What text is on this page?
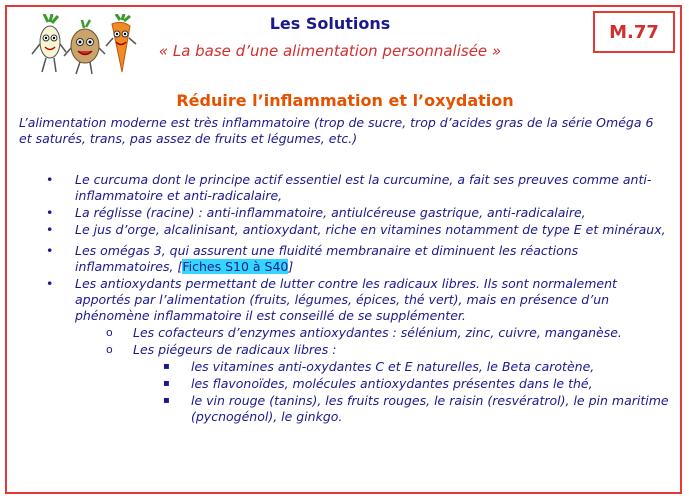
Les Solutions
« La base d’une alimentation personnalisée »
M.77
Réduire l’inflammation et l’oxydation
L’alimentation moderne est très inflammatoire (trop de sucre, trop d’acides gras de la série Oméga 6 et saturés, trans, pas assez de fruits et légumes, etc.)
• Le curcuma dont le principe actif essentiel est la curcumine, a fait ses preuves comme anti- inflammatoire et anti-radicalaire,
• La réglisse (racine) : anti-inflammatoire, antiulcéreuse gastrique, anti-radicalaire,
• Le jus d’orge, alcalinisant, antioxydant, riche en vitamines notamment de type E et minéraux,
• Les omégas 3, qui assurent une fluidité membranaire et diminuent les réactions inflammatoires, [Fiches S10 à S40]
• Les antioxydants permettant de lutter contre les radicaux libres. Ils sont normalement apportés par l’alimentation (fruits, légumes, épices, thé vert), mais en présence d’un phénomène inflammatoire il est conseillé de se supplémenter.
o Les cofacteurs d’enzymes antioxydantes : sélénium, zinc, cuivre, manganèse.
o Les piégeurs de radicaux libres :
▪ les vitamines anti-oxydantes C et E naturelles, le Beta carotène,
▪ les flavonoïdes, molécules antioxydantes présentes dans le thé,
▪ le vin rouge (tanins), les fruits rouges, le raisin (resvératrol), le pin maritime (pycnogénol), le ginkgo.
